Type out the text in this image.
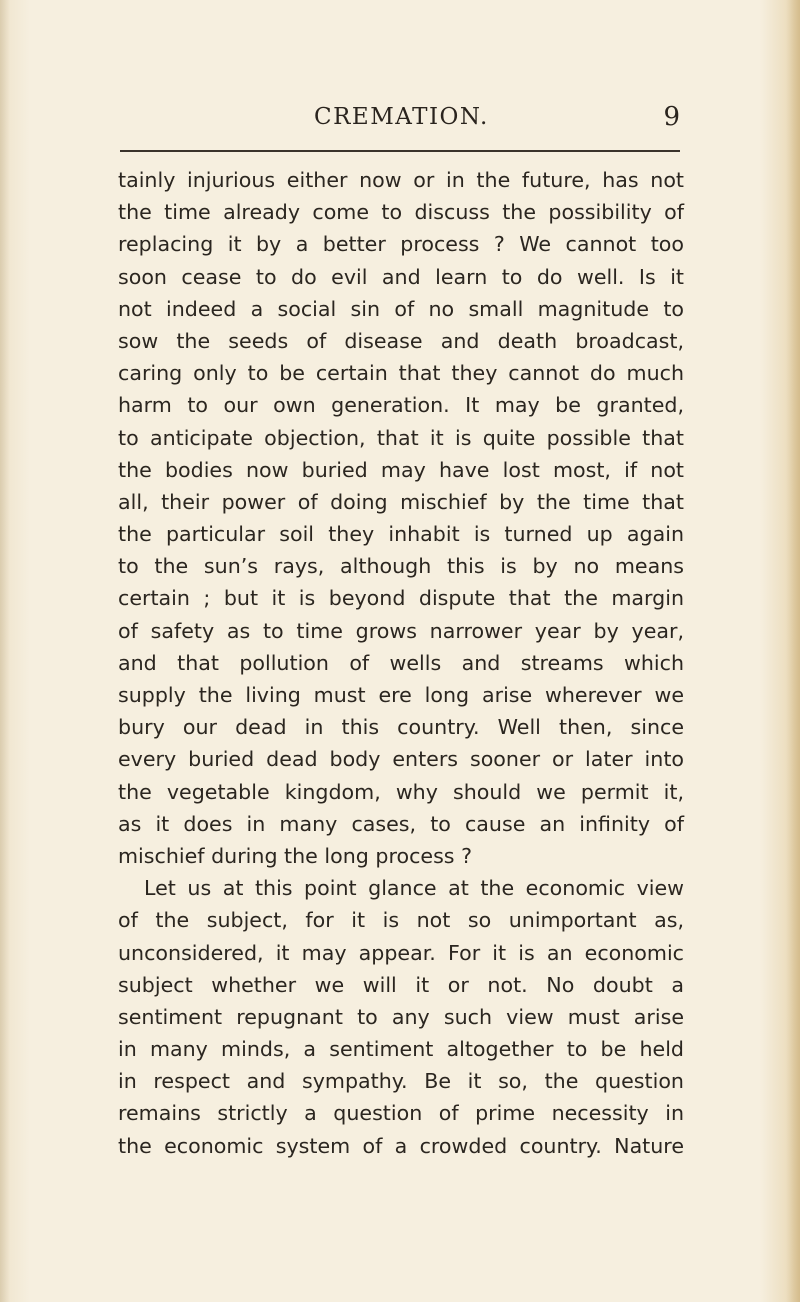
CREMATION.	9
tainly injurious either now or in the future, has not
the time already come to discuss the possibility of
replacing it by a better process ? We cannot too
soon cease to do evil and learn to do well. Is it
not indeed a social sin of no small magnitude to
sow the seeds of disease and death broadcast,
caring only to be certain that they cannot do much
harm to our own generation. It may be granted,
to anticipate objection, that it is quite possible that
the bodies now buried may have lost most, if not
all, their power of doing mischief by the time that
the particular soil they inhabit is turned up again
to the sun’s rays, although this is by no means
certain ; but it is beyond dispute that the margin
of safety as to time grows narrower year by year,
and that pollution of wells and streams which
supply the living must ere long arise wherever we
bury our dead in this country. Well then, since
every buried dead body enters sooner or later into
the vegetable kingdom, why should we permit it,
as it does in many cases, to cause an infinity of
mischief during the long process ?
Let us at this point glance at the economic view
of the subject, for it is not so unimportant as,
unconsidered, it may appear. For it is an economic
subject whether we will it or not. No doubt a
sentiment repugnant to any such view must arise
in many minds, a sentiment altogether to be held
in respect and sympathy. Be it so, the question
remains strictly a question of prime necessity in
the economic system of a crowded country. Nature
